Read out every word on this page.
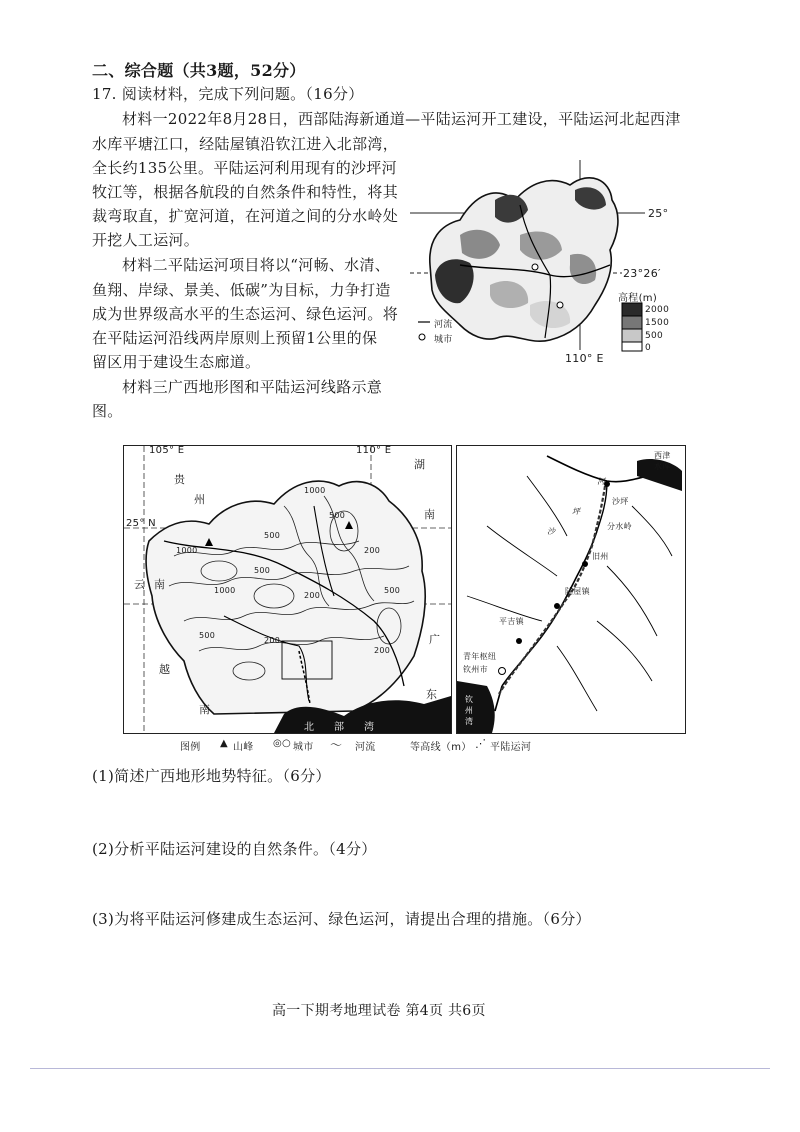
二、综合题（共3题，52分）
17. 阅读材料，完成下列问题。（16分）
材料一2022年8月28日，西部陆海新通道—平陆运河开工建设，平陆运河北起西津
水库平塘江口，经陆屋镇沿钦江进入北部湾，
全长约135公里。平陆运河利用现有的沙坪河
牧江等，根据各航段的自然条件和特性，将其
裁弯取直，扩宽河道，在河道之间的分水岭处
开挖人工运河。
材料二平陆运河项目将以“河畅、水清、
鱼翔、岸绿、景美、低碳”为目标，力争打造
成为世界级高水平的生态运河、绿色运河。将
在平陆运河沿线两岸原则上预留1公里的保
留区用于建设生态廊道。
材料三广西地形图和平陆运河线路示意
图。
25°
23°26′
110° E
高程(m)
2000
1500
500
0
河流
城市
105° E	110° E
25° N
贵
州
湖
南
云 南
越
南
广
东
北 部 湾
1000
500
1000	200
500
1000
500
200
200
200
500
500
西津
水库
沙坪
分水岭
旧州
陆屋镇
平吉镇
青年枢纽
钦州市
钦
州
湾
沙
坪
河
图例 ▲ 山峰 ◎○ 城市 〜 河流	等高线（m） ⋰ 平陆运河
(1)简述广西地形地势特征。（6分）
(2)分析平陆运河建设的自然条件。（4分）
(3)为将平陆运河修建成生态运河、绿色运河，请提出合理的措施。（6分）
高一下期考地理试卷 第4页 共6页
